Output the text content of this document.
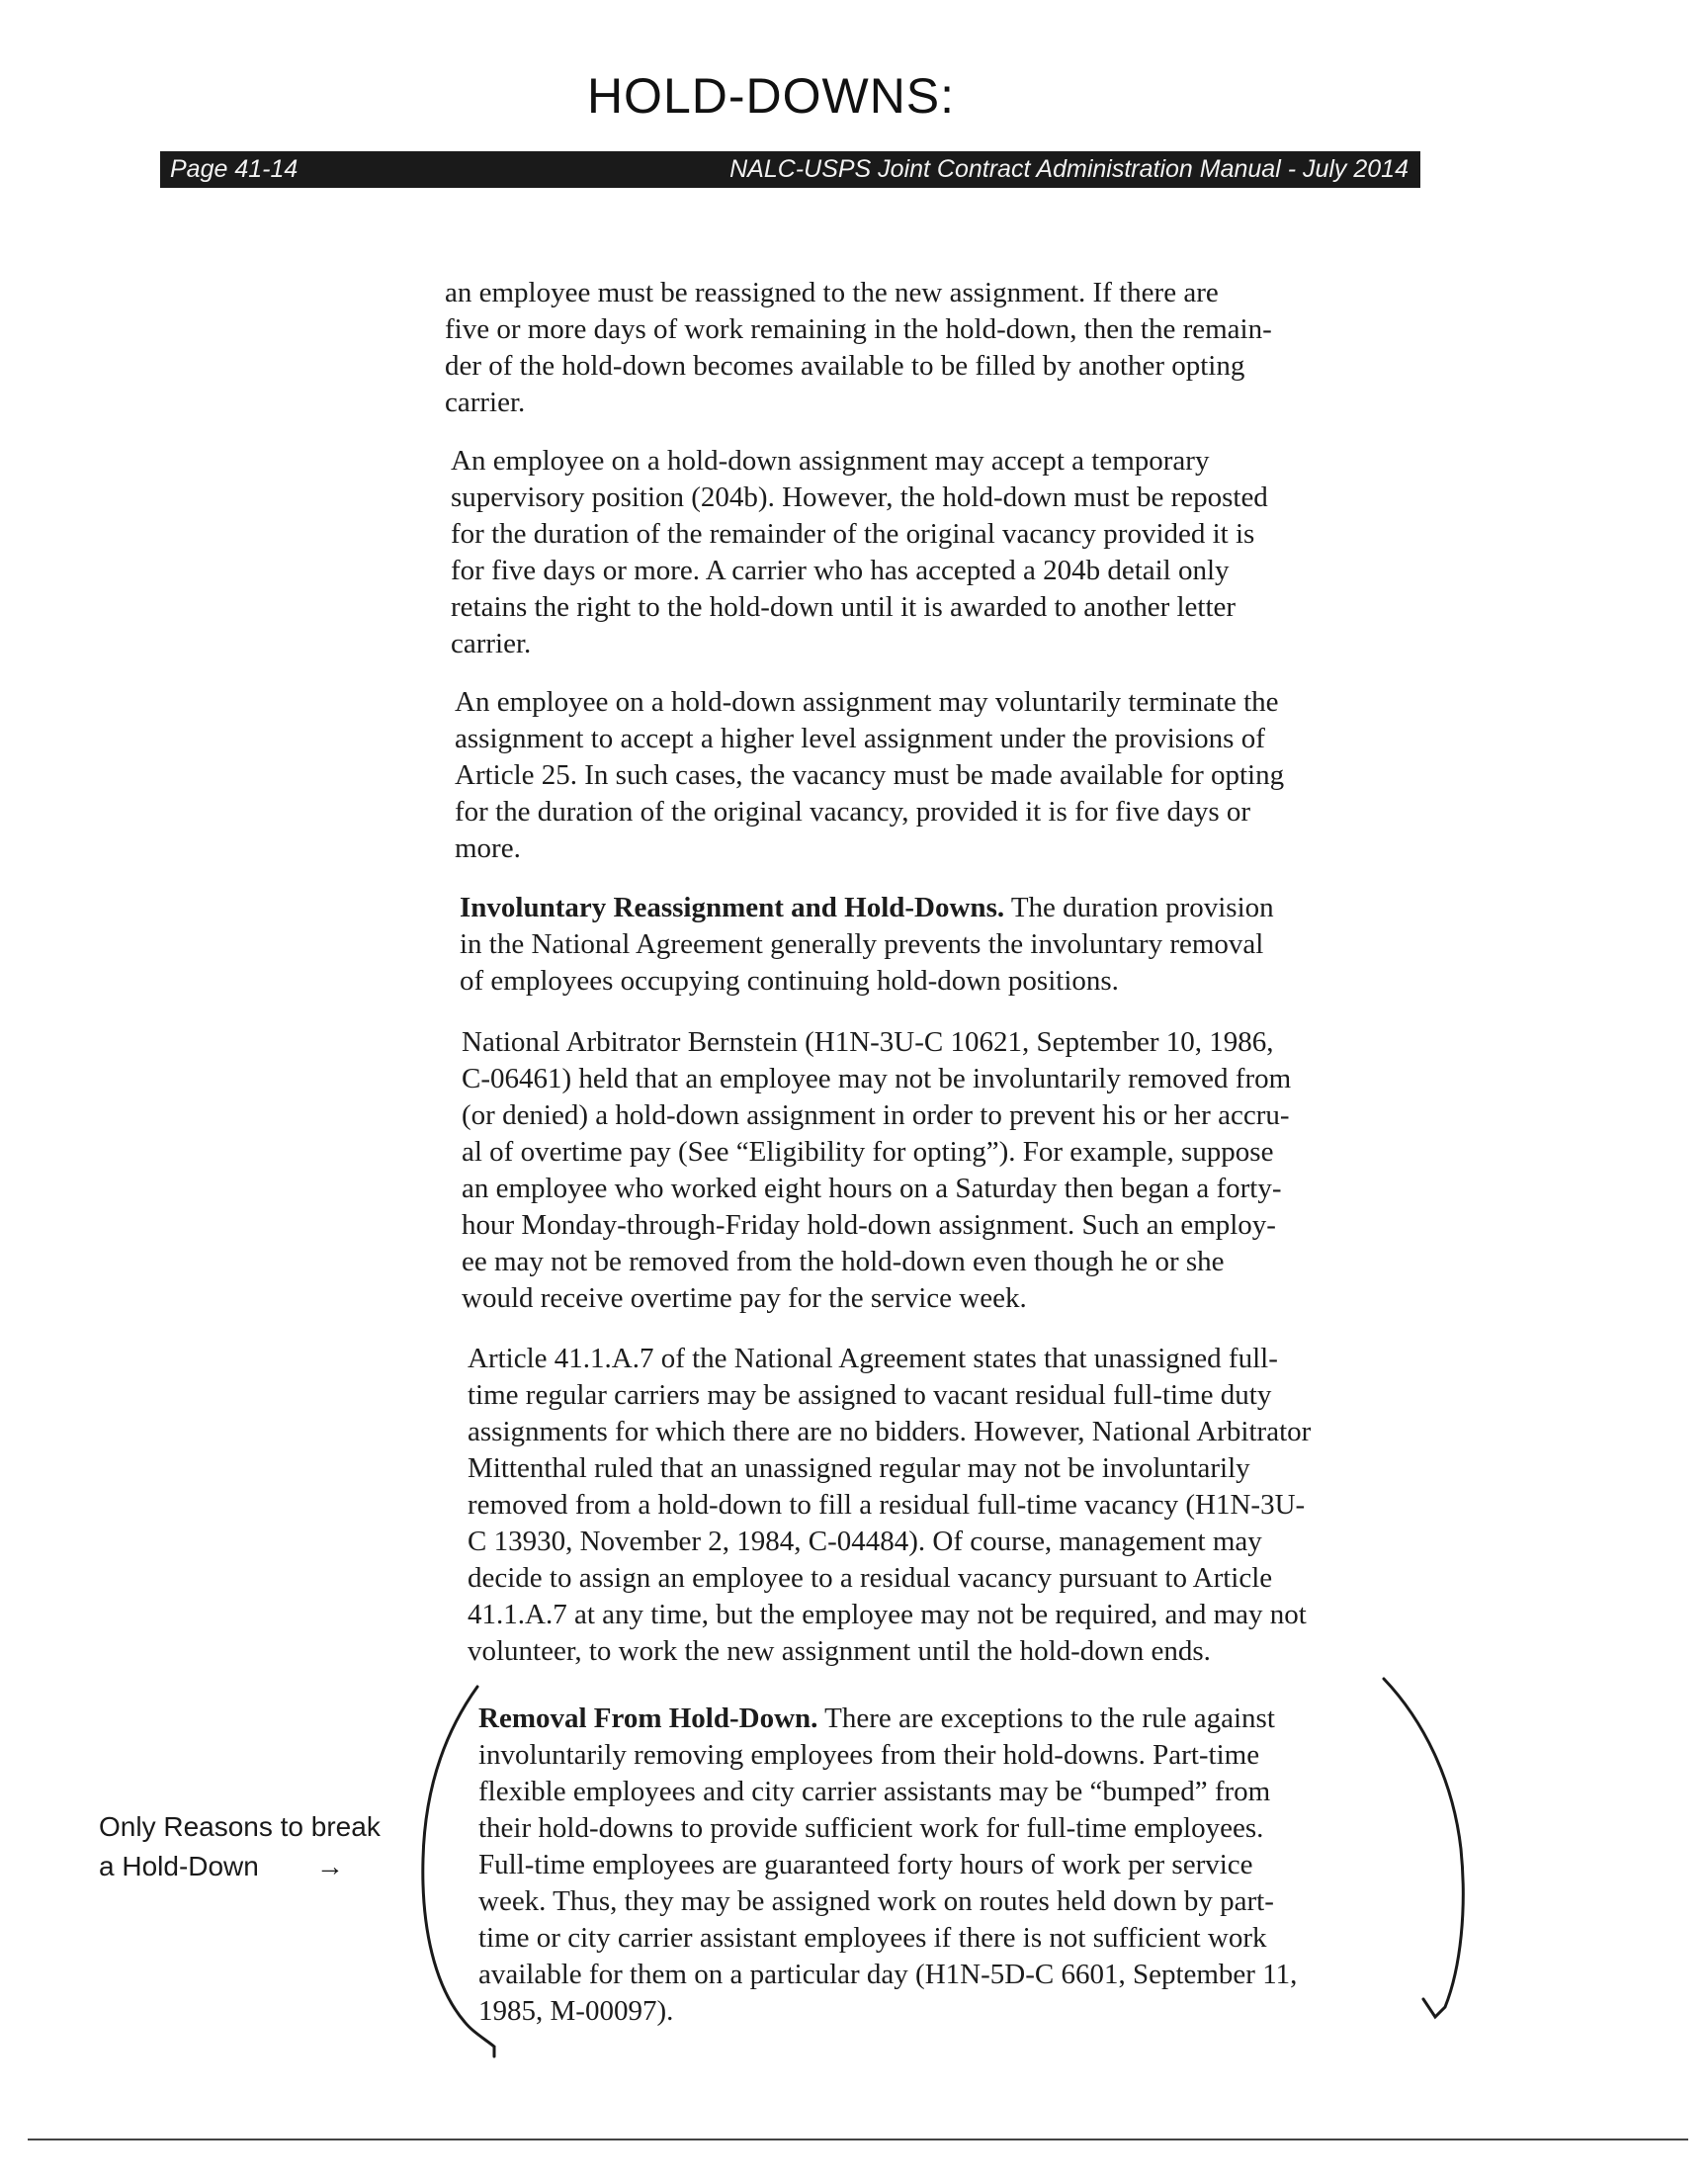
HOLD-DOWNS:
Page 41-14	NALC-USPS Joint Contract Administration Manual - July 2014

an employee must be reassigned to the new assignment. If there are
five or more days of work remaining in the hold-down, then the remain-
der of the hold-down becomes available to be filled by another opting
carrier.

An employee on a hold-down assignment may accept a temporary
supervisory position (204b). However, the hold-down must be reposted
for the duration of the remainder of the original vacancy provided it is
for five days or more. A carrier who has accepted a 204b detail only
retains the right to the hold-down until it is awarded to another letter
carrier.

An employee on a hold-down assignment may voluntarily terminate the
assignment to accept a higher level assignment under the provisions of
Article 25. In such cases, the vacancy must be made available for opting
for the duration of the original vacancy, provided it is for five days or
more.

Involuntary Reassignment and Hold-Downs. The duration provision
in the National Agreement generally prevents the involuntary removal
of employees occupying continuing hold-down positions.

National Arbitrator Bernstein (H1N-3U-C 10621, September 10, 1986,
C-06461) held that an employee may not be involuntarily removed from
(or denied) a hold-down assignment in order to prevent his or her accru-
al of overtime pay (See “Eligibility for opting”). For example, suppose
an employee who worked eight hours on a Saturday then began a forty-
hour Monday-through-Friday hold-down assignment. Such an employ-
ee may not be removed from the hold-down even though he or she
would receive overtime pay for the service week.

Article 41.1.A.7 of the National Agreement states that unassigned full-
time regular carriers may be assigned to vacant residual full-time duty
assignments for which there are no bidders. However, National Arbitrator
Mittenthal ruled that an unassigned regular may not be involuntarily
removed from a hold-down to fill a residual full-time vacancy (H1N-3U-
C 13930, November 2, 1984, C-04484). Of course, management may
decide to assign an employee to a residual vacancy pursuant to Article
41.1.A.7 at any time, but the employee may not be required, and may not
volunteer, to work the new assignment until the hold-down ends.

Removal From Hold-Down. There are exceptions to the rule against
involuntarily removing employees from their hold-downs. Part-time
flexible employees and city carrier assistants may be “bumped” from
their hold-downs to provide sufficient work for full-time employees.
Full-time employees are guaranteed forty hours of work per service
week. Thus, they may be assigned work on routes held down by part-
time or city carrier assistant employees if there is not sufficient work
available for them on a particular day (H1N-5D-C 6601, September 11,
1985, M-00097).

Only Reasons to break
a Hold-Down →
